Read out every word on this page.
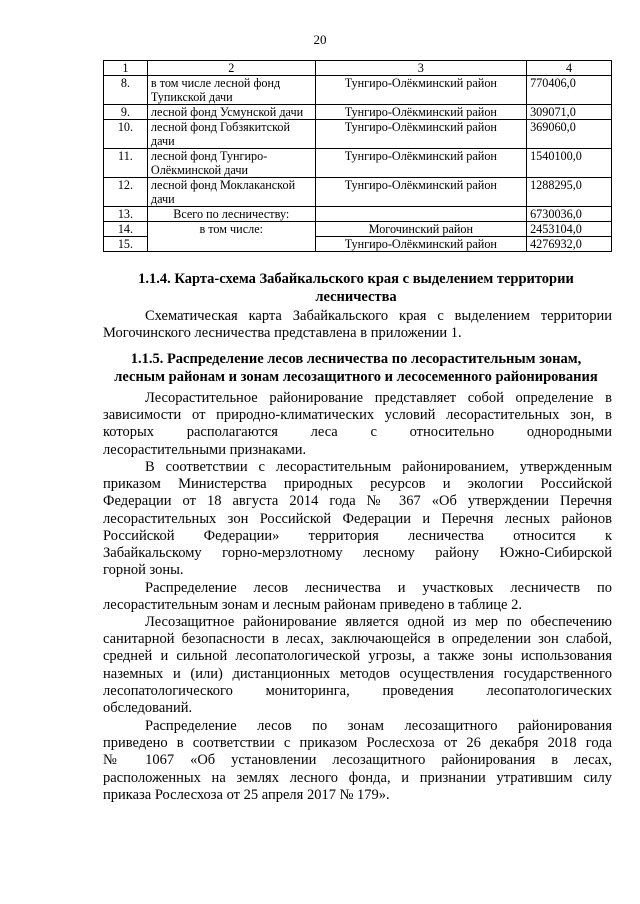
20
1	2	3	4
8.	в том числе лесной фонд Тупикской дачи	Тунгиро-Олёкминский район	770406,0
9.	лесной фонд Усмунской дачи	Тунгиро-Олёкминский район	309071,0
10.	лесной фонд Гобзякитской дачи	Тунгиро-Олёкминский район	369060,0
11.	лесной фонд Тунгиро-Олёкминской дачи	Тунгиро-Олёкминский район	1540100,0
12.	лесной фонд Моклаканской дачи	Тунгиро-Олёкминский район	1288295,0
13.	Всего по лесничеству:		6730036,0
14.	в том числе:	Могочинский район	2453104,0
15.		Тунгиро-Олёкминский район	4276932,0
1.1.4. Карта-схема Забайкальского края с выделением территории
лесничества
Схематическая карта Забайкальского края с выделением территории
Могочинского лесничества представлена в приложении 1.
1.1.5. Распределение лесов лесничества по лесорастительным зонам,
лесным районам и зонам лесозащитного и лесосеменного районирования
Лесорастительное районирование представляет собой определение в
зависимости от природно-климатических условий лесорастительных зон, в
которых располагаются леса с относительно однородными
лесорастительными признаками.
В соответствии с лесорастительным районированием, утвержденным
приказом Министерства природных ресурсов и экологии Российской
Федерации от 18 августа 2014 года № 367 «Об утверждении Перечня
лесорастительных зон Российской Федерации и Перечня лесных районов
Российской Федерации» территория лесничества относится к
Забайкальскому горно-мерзлотному лесному району Южно-Сибирской
горной зоны.
Распределение лесов лесничества и участковых лесничеств по
лесорастительным зонам и лесным районам приведено в таблице 2.
Лесозащитное районирование является одной из мер по обеспечению
санитарной безопасности в лесах, заключающейся в определении зон слабой,
средней и сильной лесопатологической угрозы, а также зоны использования
наземных и (или) дистанционных методов осуществления государственного
лесопатологического мониторинга, проведения лесопатологических
обследований.
Распределение лесов по зонам лесозащитного районирования
приведено в соответствии с приказом Рослесхоза от 26 декабря 2018 года
№ 1067 «Об установлении лесозащитного районирования в лесах,
расположенных на землях лесного фонда, и признании утратившим силу
приказа Рослесхоза от 25 апреля 2017 № 179».
